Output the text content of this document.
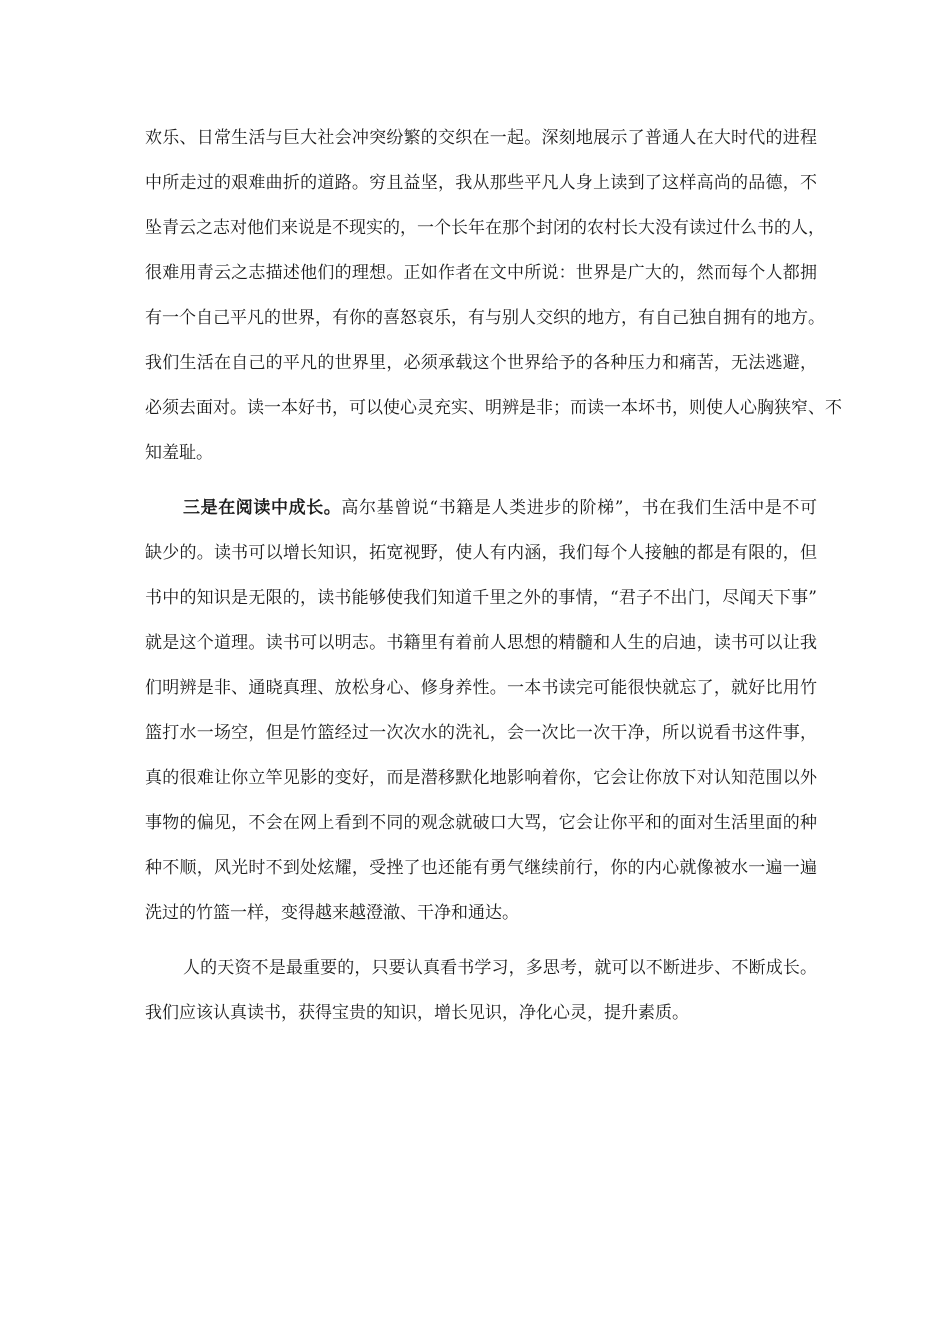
欢乐、日常生活与巨大社会冲突纷繁的交织在一起。深刻地展示了普通人在大时代的进程
中所走过的艰难曲折的道路。穷且益坚，我从那些平凡人身上读到了这样高尚的品德，不
坠青云之志对他们来说是不现实的，一个长年在那个封闭的农村长大没有读过什么书的人，
很难用青云之志描述他们的理想。正如作者在文中所说：世界是广大的，然而每个人都拥
有一个自己平凡的世界，有你的喜怒哀乐，有与别人交织的地方，有自己独自拥有的地方。
我们生活在自己的平凡的世界里，必须承载这个世界给予的各种压力和痛苦，无法逃避，
必须去面对。读一本好书，可以使心灵充实、明辨是非；而读一本坏书，则使人心胸狭窄、不
知羞耻。
三是在阅读中成长。高尔基曾说“书籍是人类进步的阶梯”，书在我们生活中是不可
缺少的。读书可以增长知识，拓宽视野，使人有内涵，我们每个人接触的都是有限的，但
书中的知识是无限的，读书能够使我们知道千里之外的事情，“君子不出门，尽闻天下事”
就是这个道理。读书可以明志。书籍里有着前人思想的精髓和人生的启迪，读书可以让我
们明辨是非、通晓真理、放松身心、修身养性。一本书读完可能很快就忘了，就好比用竹
篮打水一场空，但是竹篮经过一次次水的洗礼，会一次比一次干净，所以说看书这件事，
真的很难让你立竿见影的变好，而是潜移默化地影响着你，它会让你放下对认知范围以外
事物的偏见，不会在网上看到不同的观念就破口大骂，它会让你平和的面对生活里面的种
种不顺，风光时不到处炫耀，受挫了也还能有勇气继续前行，你的内心就像被水一遍一遍
洗过的竹篮一样，变得越来越澄澈、干净和通达。
人的天资不是最重要的，只要认真看书学习，多思考，就可以不断进步、不断成长。
我们应该认真读书，获得宝贵的知识，增长见识，净化心灵，提升素质。
